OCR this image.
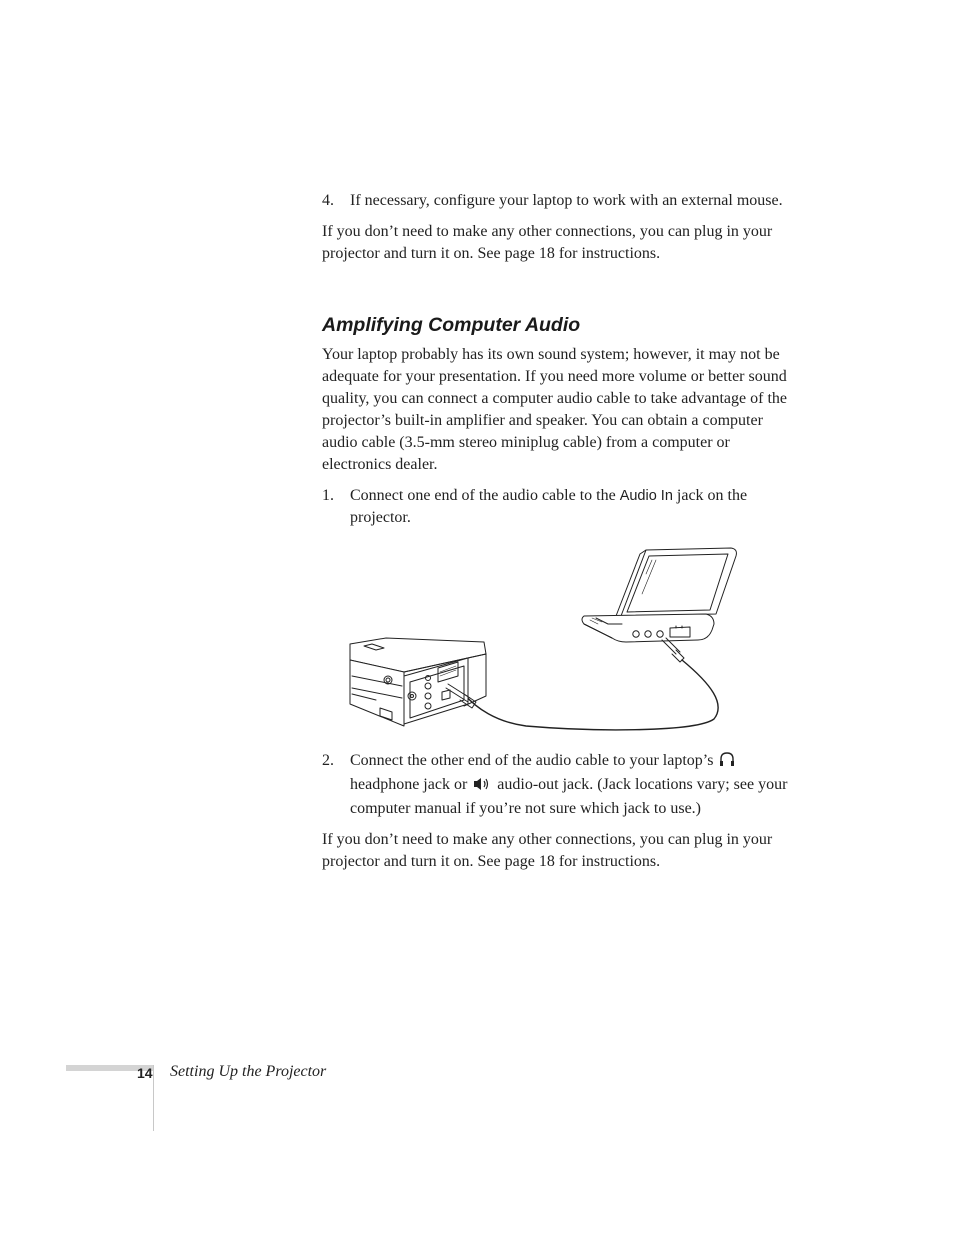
4.	If necessary, configure your laptop to work with an external mouse.

If you don’t need to make any other connections, you can plug in your projector and turn it on. See page 18 for instructions.

Amplifying Computer Audio

Your laptop probably has its own sound system; however, it may not be adequate for your presentation. If you need more volume or better sound quality, you can connect a computer audio cable to take advantage of the projector’s built-in amplifier and speaker. You can obtain a computer audio cable (3.5-mm stereo miniplug cable) from a computer or electronics dealer.

1.	Connect one end of the audio cable to the Audio In jack on the projector.
2.	Connect the other end of the audio cable to your laptop’s  headphone jack or audio-out jack. (Jack locations vary; see your computer manual if you’re not sure which jack to use.)

If you don’t need to make any other connections, you can plug in your projector and turn it on. See page 18 for instructions.

14 Setting Up the Projector
